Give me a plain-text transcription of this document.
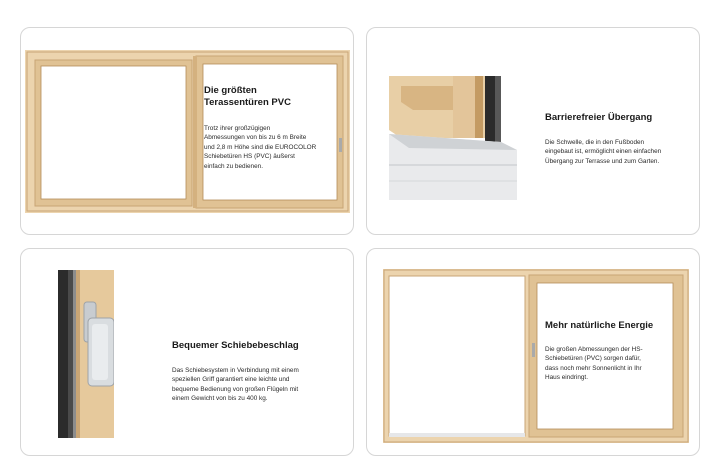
Die größten
Terassentüren PVC

Trotz ihrer großzügigen
Abmessungen von bis zu 6 m Breite
und 2,8 m Höhe sind die EUROCOLOR
Schiebetüren HS (PVC) äußerst
einfach zu bedienen.

Barrierefreier Übergang

Die Schwelle, die in den Fußboden
eingebaut ist, ermöglicht einen einfachen
Übergang zur Terrasse und zum Garten.

Bequemer Schiebebeschlag

Das Schiebesystem in Verbindung mit einem
speziellen Griff garantiert eine leichte und
bequeme Bedienung von großen Flügeln mit
einem Gewicht von bis zu 400 kg.

Mehr natürliche Energie

Die großen Abmessungen der HS-
Schiebetüren (PVC) sorgen dafür,
dass noch mehr Sonnenlicht in Ihr
Haus eindringt.
